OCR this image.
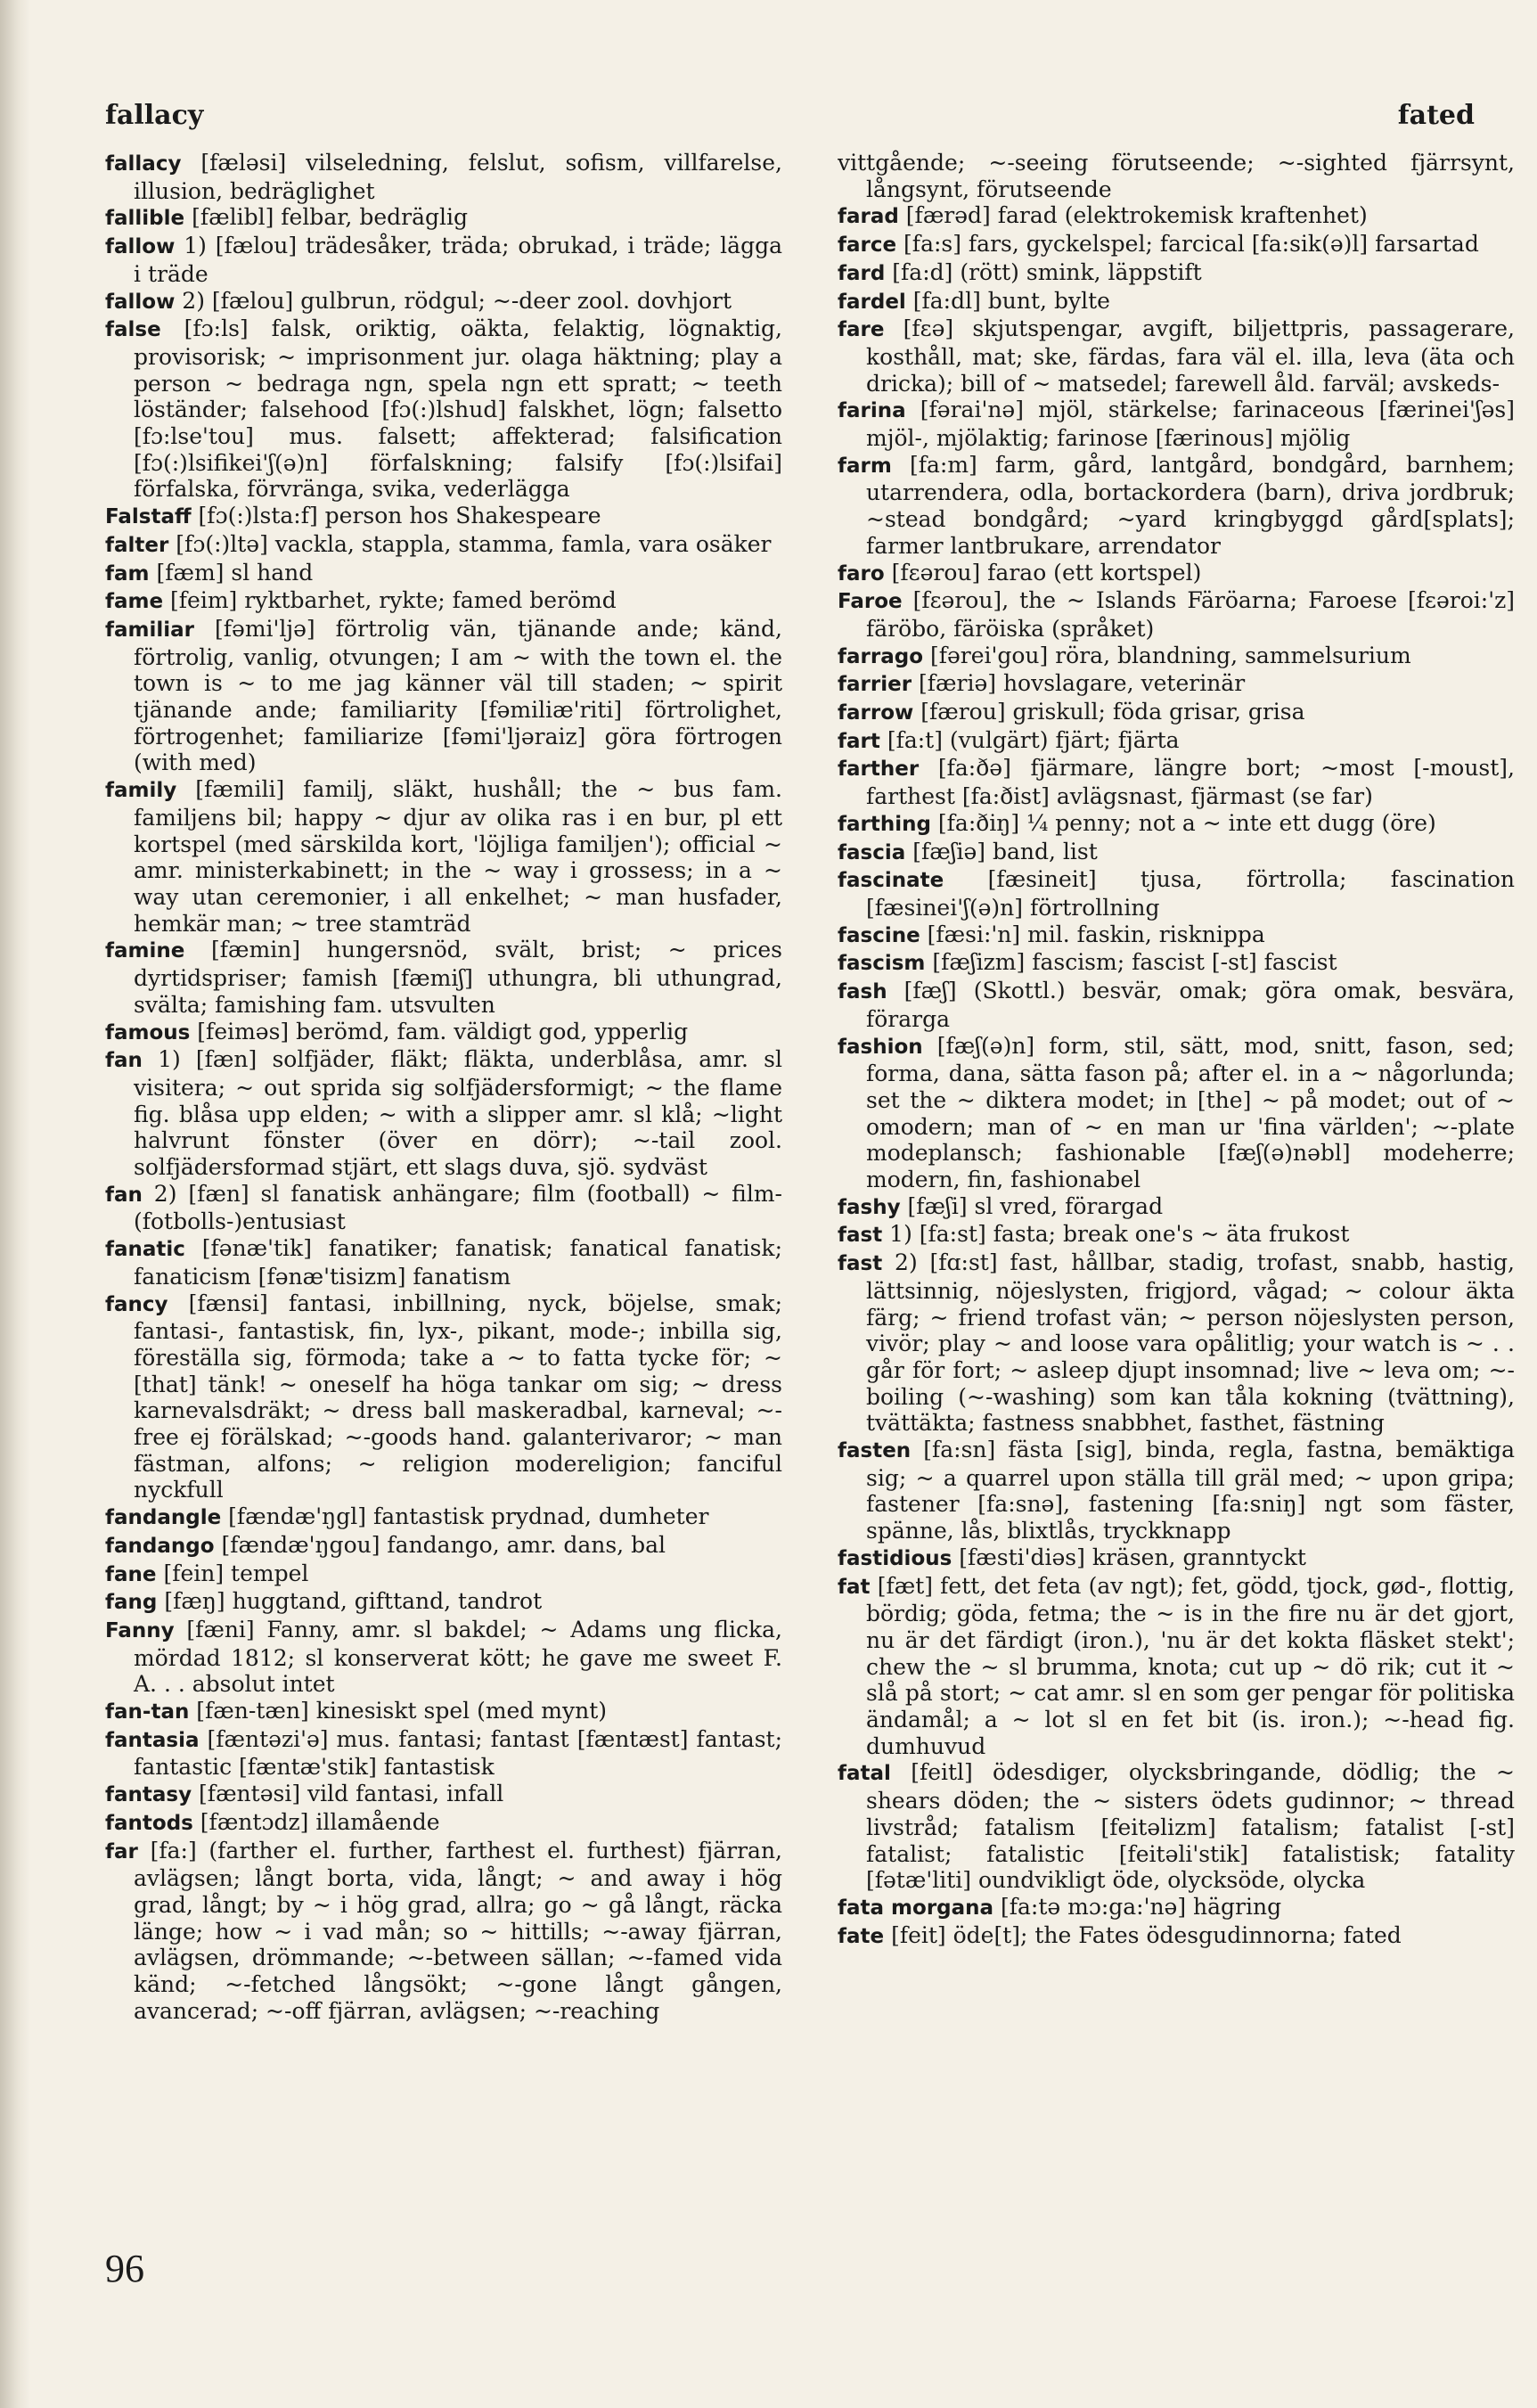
fallacy	fated

fallacy [fæləsi] vilseledning, felslut, sofism, villfarelse, illusion, bedräglighet

fallible [fælibl] felbar, bedräglig

fallow 1) [fælou] trädesåker, träda; obrukad, i träde; lägga i träde

fallow 2) [fælou] gulbrun, rödgul; ~-deer zool. dovhjort

false [fɔ:ls] falsk, oriktig, oäkta, felaktig, lögnaktig, provisorisk; ~ imprisonment jur. olaga häktning; play a person ~ bedraga ngn, spela ngn ett spratt; ~ teeth löständer; falsehood [fɔ(:)lshud] falskhet, lögn; falsetto [fɔ:lse'tou] mus. falsett; affekterad; falsification [fɔ(:)lsifikei'ʃ(ə)n] förfalskning; falsify [fɔ(:)lsifai] förfalska, förvränga, svika, vederlägga

Falstaff [fɔ(:)lsta:f] person hos Shakespeare

falter [fɔ(:)ltə] vackla, stappla, stamma, famla, vara osäker

fam [fæm] sl hand

fame [feim] ryktbarhet, rykte; famed berömd

familiar [fəmi'ljə] förtrolig vän, tjänande ande; känd, förtrolig, vanlig, otvungen; I am ~ with the town el. the town is ~ to me jag känner väl till staden; ~ spirit tjänande ande; familiarity [fəmiliæ'riti] förtrolighet, förtrogenhet; familiarize [fəmi'ljəraiz] göra förtrogen (with med)

family [fæmili] familj, släkt, hushåll; the ~ bus fam. familjens bil; happy ~ djur av olika ras i en bur, pl ett kortspel (med särskilda kort, 'löjliga familjen'); official ~ amr. ministerkabinett; in the ~ way i grossess; in a ~ way utan ceremonier, i all enkelhet; ~ man husfader, hemkär man; ~ tree stamträd

famine [fæmin] hungersnöd, svält, brist; ~ prices dyrtidspriser; famish [fæmiʃ] uthungra, bli uthungrad, svälta; famishing fam. utsvulten

famous [feiməs] berömd, fam. väldigt god, ypperlig

fan 1) [fæn] solfjäder, fläkt; fläkta, underblåsa, amr. sl visitera; ~ out sprida sig solfjädersformigt; ~ the flame fig. blåsa upp elden; ~ with a slipper amr. sl klå; ~light halvrunt fönster (över en dörr); ~-tail zool. solfjädersformad stjärt, ett slags duva, sjö. sydväst

fan 2) [fæn] sl fanatisk anhängare; film (football) ~ film- (fotbolls-)entusiast

fanatic [fənæ'tik] fanatiker; fanatisk; fanatical fanatisk; fanaticism [fənæ'tisizm] fanatism

fancy [fænsi] fantasi, inbillning, nyck, böjelse, smak; fantasi-, fantastisk, fin, lyx-, pikant, mode-; inbilla sig, föreställa sig, förmoda; take a ~ to fatta tycke för; ~ [that] tänk! ~ oneself ha höga tankar om sig; ~ dress karnevalsdräkt; ~ dress ball maskeradbal, karneval; ~-free ej förälskad; ~-goods hand. galanterivaror; ~ man fästman, alfons; ~ religion modereligion; fanciful nyckfull

fandangle [fændæ'ŋgl] fantastisk prydnad, dumheter

fandango [fændæ'ŋgou] fandango, amr. dans, bal

fane [fein] tempel

fang [fæŋ] huggtand, gifttand, tandrot

Fanny [fæni] Fanny, amr. sl bakdel; ~ Adams ung flicka, mördad 1812; sl konserverat kött; he gave me sweet F. A. . . absolut intet

fan-tan [fæn-tæn] kinesiskt spel (med mynt)

fantasia [fæntəzi'ə] mus. fantasi; fantast [fæntæst] fantast; fantastic [fæntæ'stik] fantastisk

fantasy [fæntəsi] vild fantasi, infall

fantods [fæntɔdz] illamående

far [fa:] (farther el. further, farthest el. furthest) fjärran, avlägsen; långt borta, vida, långt; ~ and away i hög grad, långt; by ~ i hög grad, allra; go ~ gå långt, räcka länge; how ~ i vad mån; so ~ hittills; ~-away fjärran, avlägsen, drömmande; ~-between sällan; ~-famed vida känd; ~-fetched långsökt; ~-gone långt gången, avancerad; ~-off fjärran, avlägsen; ~-reaching

vittgående; ~-seeing förutseende; ~-sighted fjärrsynt, långsynt, förutseende

farad [færəd] farad (elektrokemisk kraftenhet)

farce [fa:s] fars, gyckelspel; farcical [fa:sik(ə)l] farsartad

fard [fa:d] (rött) smink, läppstift

fardel [fa:dl] bunt, bylte

fare [fɛə] skjutspengar, avgift, biljettpris, passagerare, kosthåll, mat; ske, färdas, fara väl el. illa, leva (äta och dricka); bill of ~ matsedel; farewell åld. farväl; avskeds-

farina [fərai'nə] mjöl, stärkelse; farinaceous [færinei'ʃəs] mjöl-, mjölaktig; farinose [færinous] mjölig

farm [fa:m] farm, gård, lantgård, bondgård, barnhem; utarrendera, odla, bortackordera (barn), driva jordbruk; ~stead bondgård; ~yard kringbyggd gård[splats]; farmer lantbrukare, arrendator

faro [fɛərou] farao (ett kortspel)

Faroe [fɛərou], the ~ Islands Färöarna; Faroese [fɛəroi:'z] färöbo, färöiska (språket)

farrago [fərei'gou] röra, blandning, sammelsurium

farrier [færiə] hovslagare, veterinär

farrow [færou] griskull; föda grisar, grisa

fart [fa:t] (vulgärt) fjärt; fjärta

farther [fa:ðə] fjärmare, längre bort; ~most [-moust], farthest [fa:ðist] avlägsnast, fjärmast (se far)

farthing [fa:ðiŋ] ¼ penny; not a ~ inte ett dugg (öre)

fascia [fæʃiə] band, list

fascinate [fæsineit] tjusa, förtrolla; fascination [fæsinei'ʃ(ə)n] förtrollning

fascine [fæsi:'n] mil. faskin, risknippa

fascism [fæʃizm] fascism; fascist [-st] fascist

fash [fæʃ] (Skottl.) besvär, omak; göra omak, besvära, förarga

fashion [fæʃ(ə)n] form, stil, sätt, mod, snitt, fason, sed; forma, dana, sätta fason på; after el. in a ~ någorlunda; set the ~ diktera modet; in [the] ~ på modet; out of ~ omodern; man of ~ en man ur 'fina världen'; ~-plate modeplansch; fashionable [fæʃ(ə)nəbl] modeherre; modern, fin, fashionabel

fashy [fæʃi] sl vred, förargad

fast 1) [fa:st] fasta; break one's ~ äta frukost

fast 2) [fɑ:st] fast, hållbar, stadig, trofast, snabb, hastig, lättsinnig, nöjeslysten, frigjord, vågad; ~ colour äkta färg; ~ friend trofast vän; ~ person nöjeslysten person, vivör; play ~ and loose vara opålitlig; your watch is ~ . . går för fort; ~ asleep djupt insomnad; live ~ leva om; ~-boiling (~-washing) som kan tåla kokning (tvättning), tvättäkta; fastness snabbhet, fasthet, fästning

fasten [fa:sn] fästa [sig], binda, regla, fastna, bemäktiga sig; ~ a quarrel upon ställa till gräl med; ~ upon gripa; fastener [fa:snə], fastening [fa:sniŋ] ngt som fäster, spänne, lås, blixtlås, tryckknapp

fastidious [fæsti'diəs] kräsen, granntyckt

fat [fæt] fett, det feta (av ngt); fet, gödd, tjock, gød-, flottig, bördig; göda, fetma; the ~ is in the fire nu är det gjort, nu är det färdigt (iron.), 'nu är det kokta fläsket stekt'; chew the ~ sl brumma, knota; cut up ~ dö rik; cut it ~ slå på stort; ~ cat amr. sl en som ger pengar för politiska ändamål; a ~ lot sl en fet bit (is. iron.); ~-head fig. dumhuvud

fatal [feitl] ödesdiger, olycksbringande, dödlig; the ~ shears döden; the ~ sisters ödets gudinnor; ~ thread livstråd; fatalism [feitəlizm] fatalism; fatalist [-st] fatalist; fatalistic [feitəli'stik] fatalistisk; fatality [fətæ'liti] oundvikligt öde, olycksöde, olycka

fata morgana [fa:tə mɔ:ga:'nə] hägring

fate [feit] öde[t]; the Fates ödesgudinnorna; fated

96
